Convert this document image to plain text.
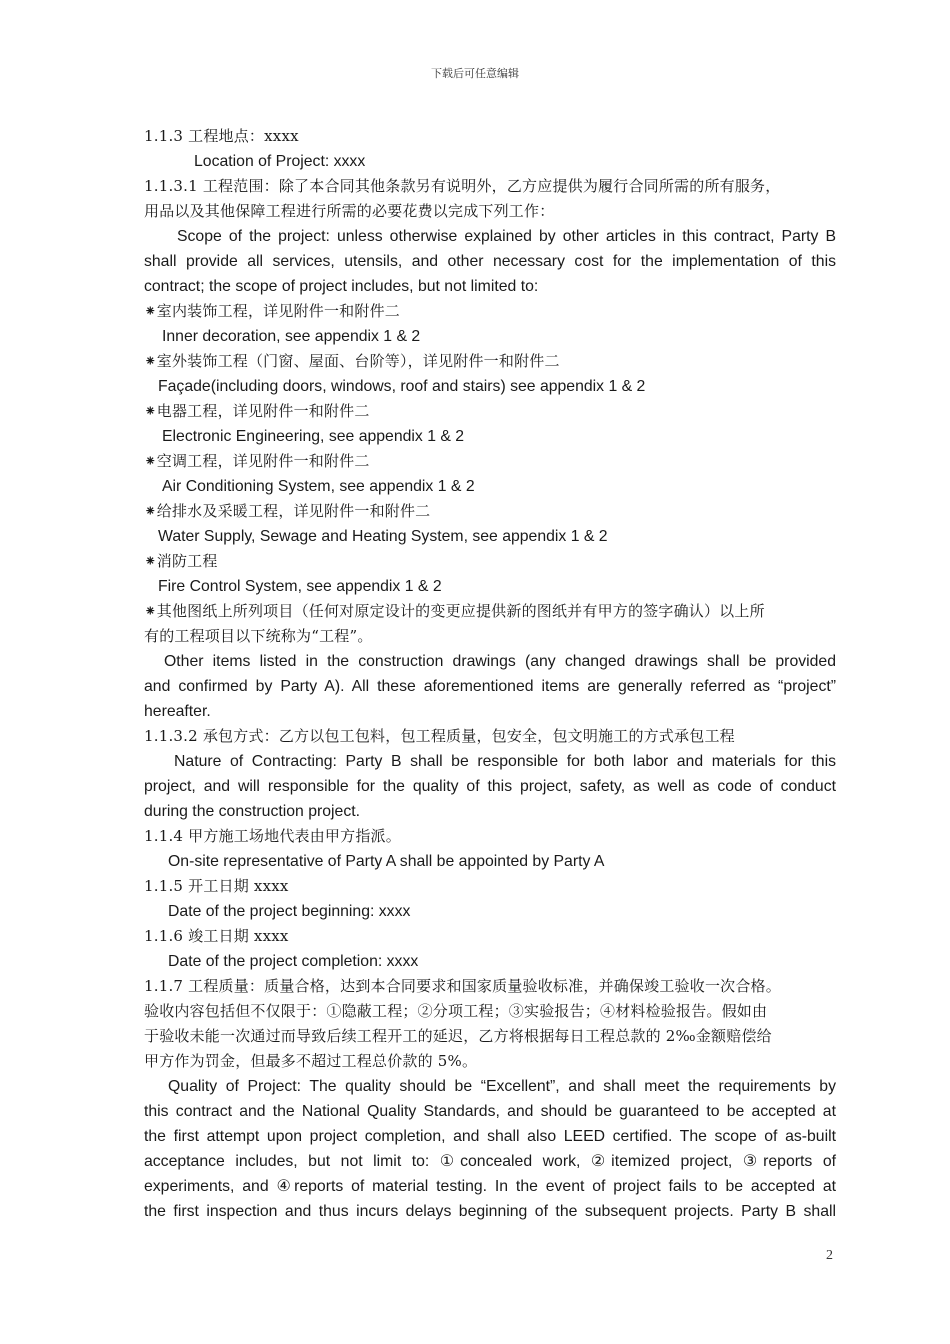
下载后可任意编辑
1.1.3 工程地点：xxxx
Location of Project: xxxx
1.1.3.1 工程范围：除了本合同其他条款另有说明外，乙方应提供为履行合同所需的所有服务，
用品以及其他保障工程进行所需的必要花费以完成下列工作：
Scope of the project: unless otherwise explained by other articles in this contract, Party B
shall provide all services, utensils, and other necessary cost for the implementation of this
contract; the scope of project includes, but not limited to:
⁕室内装饰工程，详见附件一和附件二
Inner decoration, see appendix 1 & 2
⁕室外装饰工程（门窗、屋面、台阶等），详见附件一和附件二
Façade(including doors, windows, roof and stairs) see appendix 1 & 2
⁕电器工程，详见附件一和附件二
Electronic Engineering, see appendix 1 & 2
⁕空调工程，详见附件一和附件二
Air Conditioning System, see appendix 1 & 2
⁕给排水及采暖工程，详见附件一和附件二
Water Supply, Sewage and Heating System, see appendix 1 & 2
⁕消防工程
Fire Control System, see appendix 1 & 2
⁕其他图纸上所列项目（任何对原定设计的变更应提供新的图纸并有甲方的签字确认）以上所
有的工程项目以下统称为“工程”。
Other items listed in the construction drawings (any changed drawings shall be provided
and confirmed by Party A). All these aforementioned items are generally referred as “project”
hereafter.
1.1.3.2 承包方式：乙方以包工包料，包工程质量，包安全，包文明施工的方式承包工程
Nature of Contracting: Party B shall be responsible for both labor and materials for this
project, and will responsible for the quality of this project, safety, as well as code of conduct
during the construction project.
1.1.4 甲方施工场地代表由甲方指派。
On-site representative of Party A shall be appointed by Party A
1.1.5 开工日期 xxxx
Date of the project beginning: xxxx
1.1.6 竣工日期 xxxx
Date of the project completion: xxxx
1.1.7 工程质量：质量合格，达到本合同要求和国家质量验收标准，并确保竣工验收一次合格。
验收内容包括但不仅限于：①隐蔽工程；②分项工程；③实验报告；④材料检验报告。假如由
于验收未能一次通过而导致后续工程开工的延迟，乙方将根据每日工程总款的 2‰金额赔偿给
甲方作为罚金，但最多不超过工程总价款的 5%。
Quality of Project: The quality should be “Excellent”, and shall meet the requirements by
this contract and the National Quality Standards, and should be guaranteed to be accepted at
the first attempt upon project completion, and shall also LEED certified. The scope of as-built
acceptance includes, but not limit to: ①concealed work, ②itemized project, ③reports of
experiments, and ④reports of material testing. In the event of project fails to be accepted at
the first inspection and thus incurs delays beginning of the subsequent projects. Party B shall
2
